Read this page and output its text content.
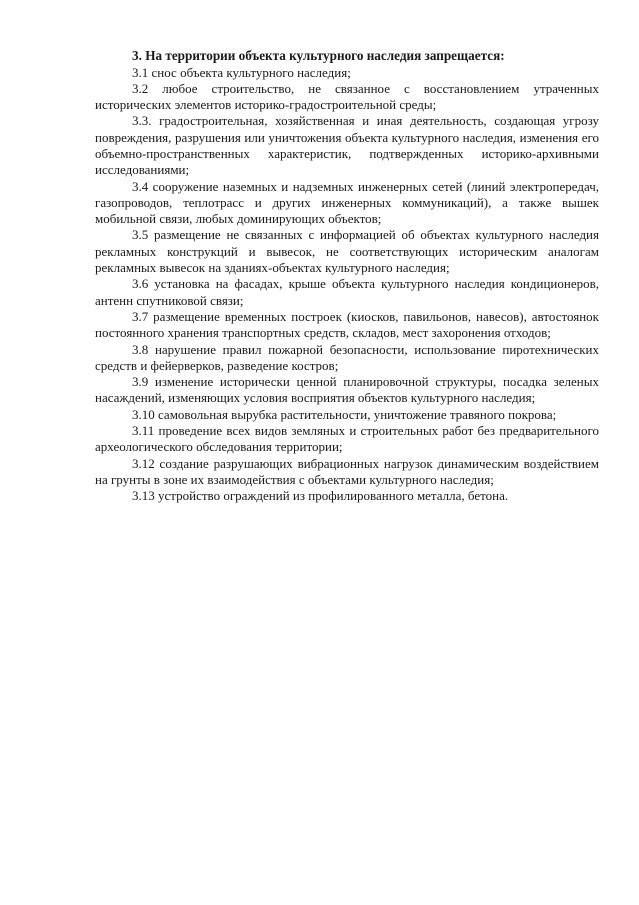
3. На территории объекта культурного наследия запрещается:

3.1 снос объекта культурного наследия;

3.2 любое строительство, не связанное с восстановлением утраченных исторических элементов историко-градостроительной среды;

3.3. градостроительная, хозяйственная и иная деятельность, создающая угрозу повреждения, разрушения или уничтожения объекта культурного наследия, изменения его объемно-пространственных характеристик, подтвержденных историко-архивными исследованиями;

3.4 сооружение наземных и надземных инженерных сетей (линий электропередач, газопроводов, теплотрасс и других инженерных коммуникаций), а также вышек мобильной связи, любых доминирующих объектов;

3.5 размещение не связанных с информацией об объектах культурного наследия рекламных конструкций и вывесок, не соответствующих историческим аналогам рекламных вывесок на зданиях-объектах культурного наследия;

3.6 установка на фасадах, крыше объекта культурного наследия кондиционеров, антенн спутниковой связи;

3.7 размещение временных построек (киосков, павильонов, навесов), автостоянок постоянного хранения транспортных средств, складов, мест захоронения отходов;

3.8 нарушение правил пожарной безопасности, использование пиротехнических средств и фейерверков, разведение костров;

3.9 изменение исторически ценной планировочной структуры, посадка зеленых насаждений, изменяющих условия восприятия объектов культурного наследия;

3.10 самовольная вырубка растительности, уничтожение травяного покрова;

3.11 проведение всех видов земляных и строительных работ без предварительного археологического обследования территории;

3.12 создание разрушающих вибрационных нагрузок динамическим воздействием на грунты в зоне их взаимодействия с объектами культурного наследия;

3.13 устройство ограждений из профилированного металла, бетона.
